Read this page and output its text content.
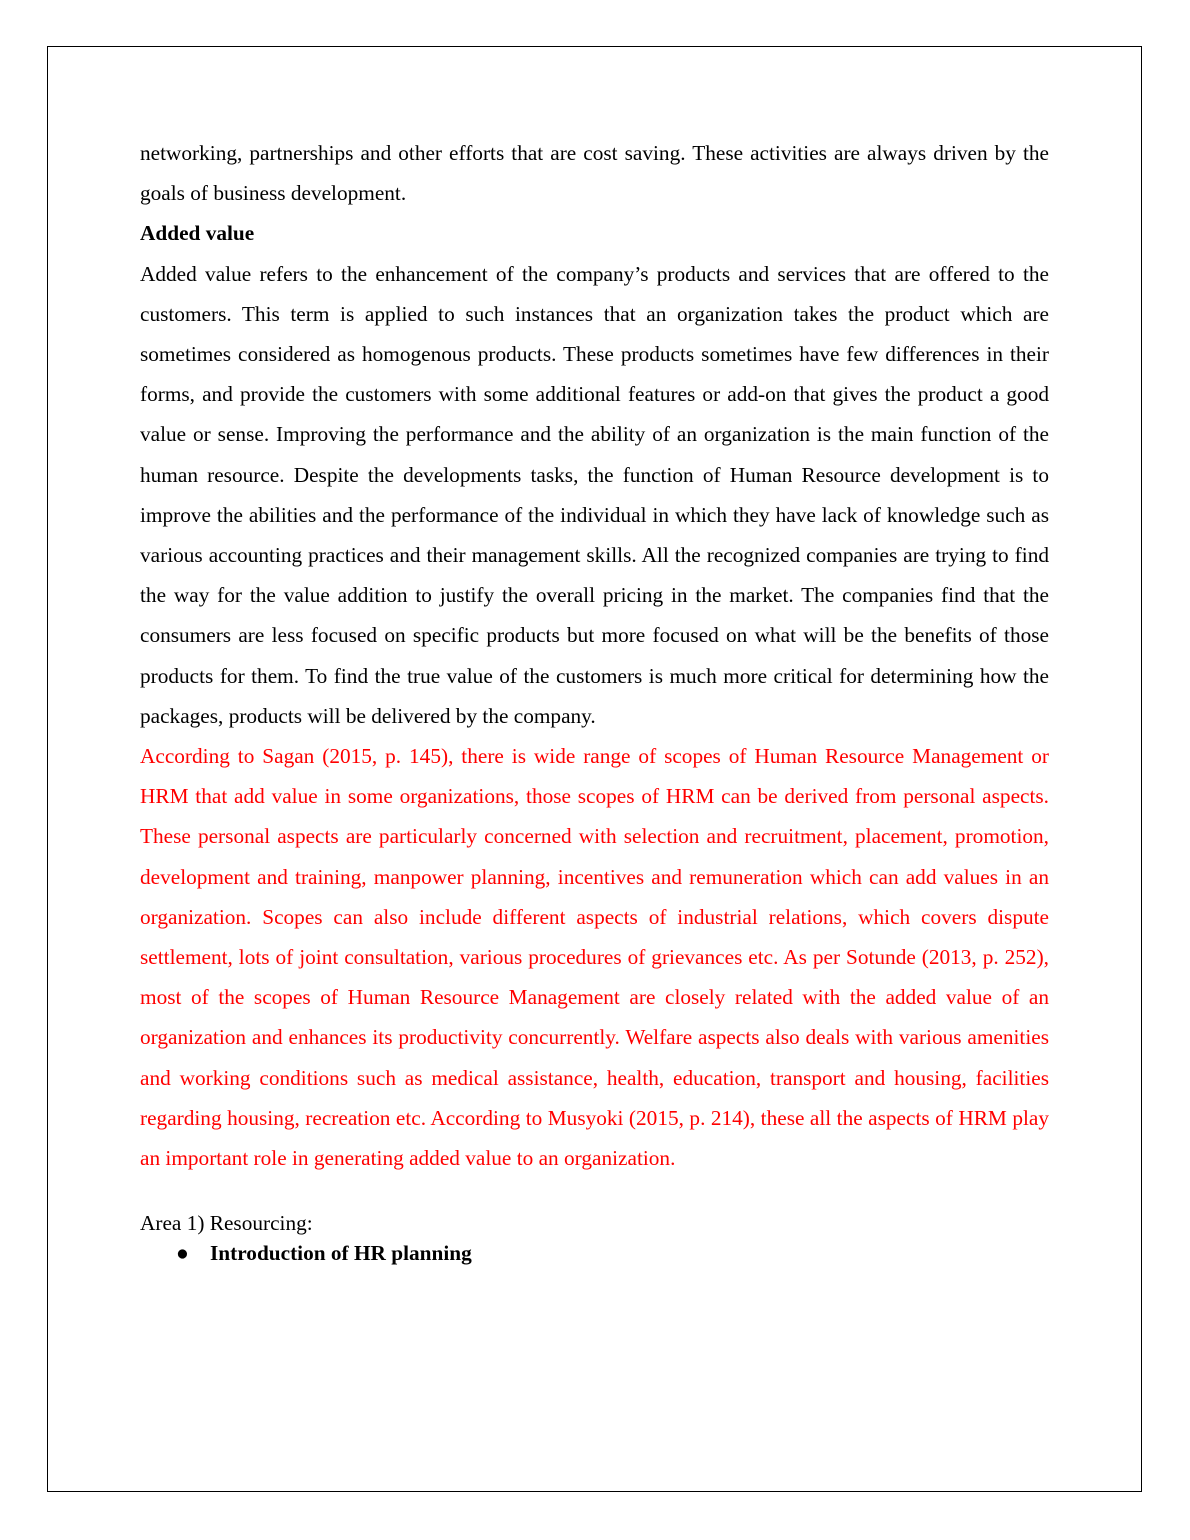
networking, partnerships and other efforts that are cost saving. These activities are always driven by the goals of business development.

Added value

Added value refers to the enhancement of the company’s products and services that are offered to the customers. This term is applied to such instances that an organization takes the product which are sometimes considered as homogenous products. These products sometimes have few differences in their forms, and provide the customers with some additional features or add-on that gives the product a good value or sense. Improving the performance and the ability of an organization is the main function of the human resource. Despite the developments tasks, the function of Human Resource development is to improve the abilities and the performance of the individual in which they have lack of knowledge such as various accounting practices and their management skills. All the recognized companies are trying to find the way for the value addition to justify the overall pricing in the market. The companies find that the consumers are less focused on specific products but more focused on what will be the benefits of those products for them. To find the true value of the customers is much more critical for determining how the packages, products will be delivered by the company.

According to Sagan (2015, p. 145), there is wide range of scopes of Human Resource Management or HRM that add value in some organizations, those scopes of HRM can be derived from personal aspects. These personal aspects are particularly concerned with selection and recruitment, placement, promotion, development and training, manpower planning, incentives and remuneration which can add values in an organization. Scopes can also include different aspects of industrial relations, which covers dispute settlement, lots of joint consultation, various procedures of grievances etc. As per Sotunde (2013, p. 252), most of the scopes of Human Resource Management are closely related with the added value of an organization and enhances its productivity concurrently. Welfare aspects also deals with various amenities and working conditions such as medical assistance, health, education, transport and housing, facilities regarding housing, recreation etc. According to Musyoki (2015, p. 214), these all the aspects of HRM play an important role in generating added value to an organization.

Area 1) Resourcing:
● Introduction of HR planning
